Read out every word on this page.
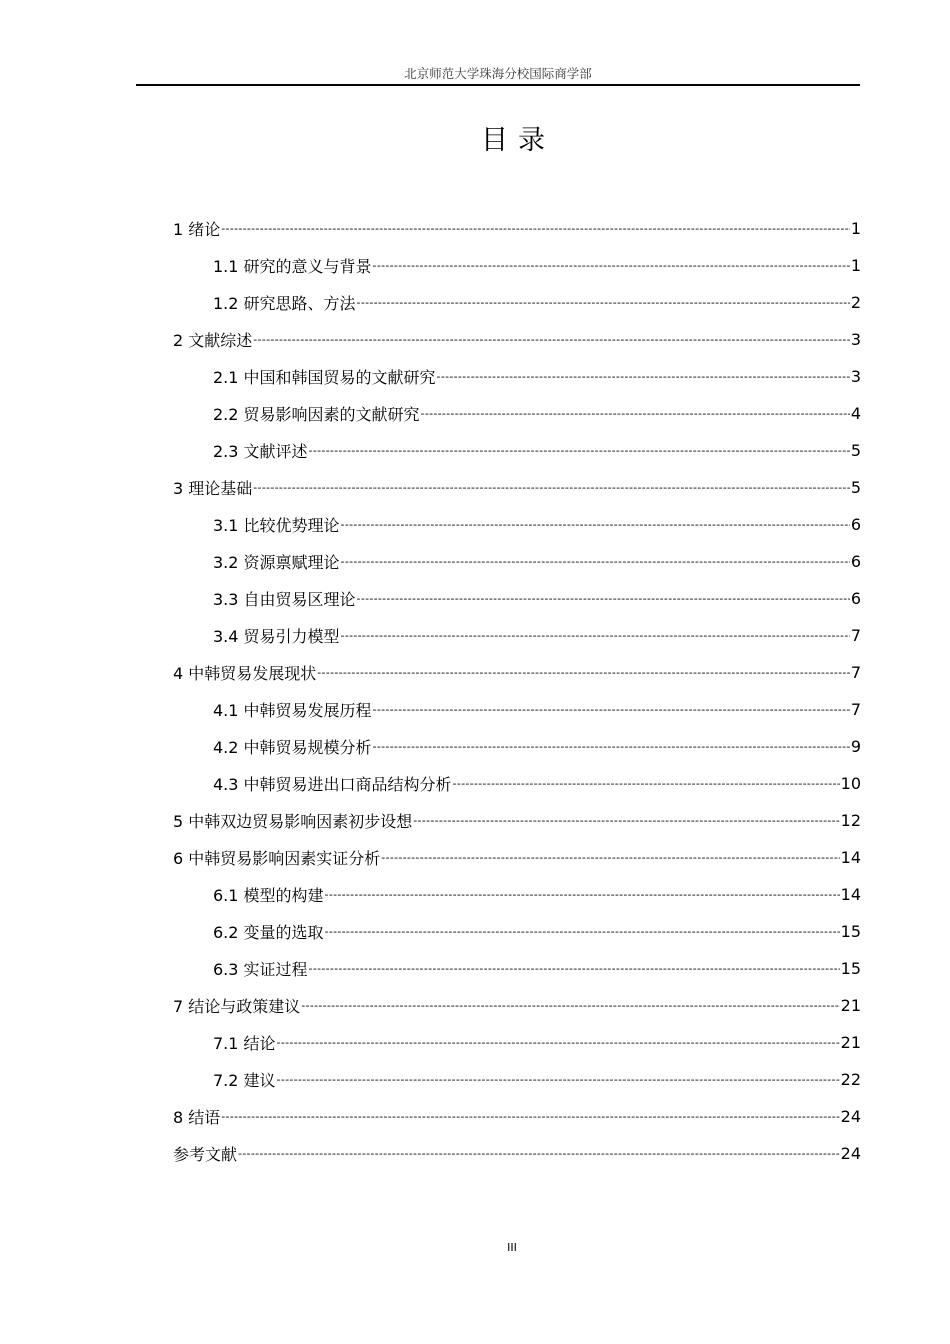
北京师范大学珠海分校国际商学部
目录
1 绪论 -----	1
1.1 研究的意义与背景 -----	1
1.2 研究思路、方法 -----	2
2 文献综述 -----	3
2.1 中国和韩国贸易的文献研究 -----	3
2.2 贸易影响因素的文献研究 -----	4
2.3 文献评述 -----	5
3 理论基础 -----	5
3.1 比较优势理论 -----	6
3.2 资源禀赋理论 -----	6
3.3 自由贸易区理论 -----	6
3.4 贸易引力模型 -----	7
4 中韩贸易发展现状 -----	7
4.1 中韩贸易发展历程 -----	7
4.2 中韩贸易规模分析 -----	9
4.3 中韩贸易进出口商品结构分析 -----	10
5 中韩双边贸易影响因素初步设想 -----	12
6 中韩贸易影响因素实证分析 -----	14
6.1 模型的构建 -----	14
6.2 变量的选取 -----	15
6.3 实证过程 -----	15
7 结论与政策建议 -----	21
7.1 结论 -----	21
7.2 建议 -----	22
8 结语 -----	24
参考文献 -----	24
III
